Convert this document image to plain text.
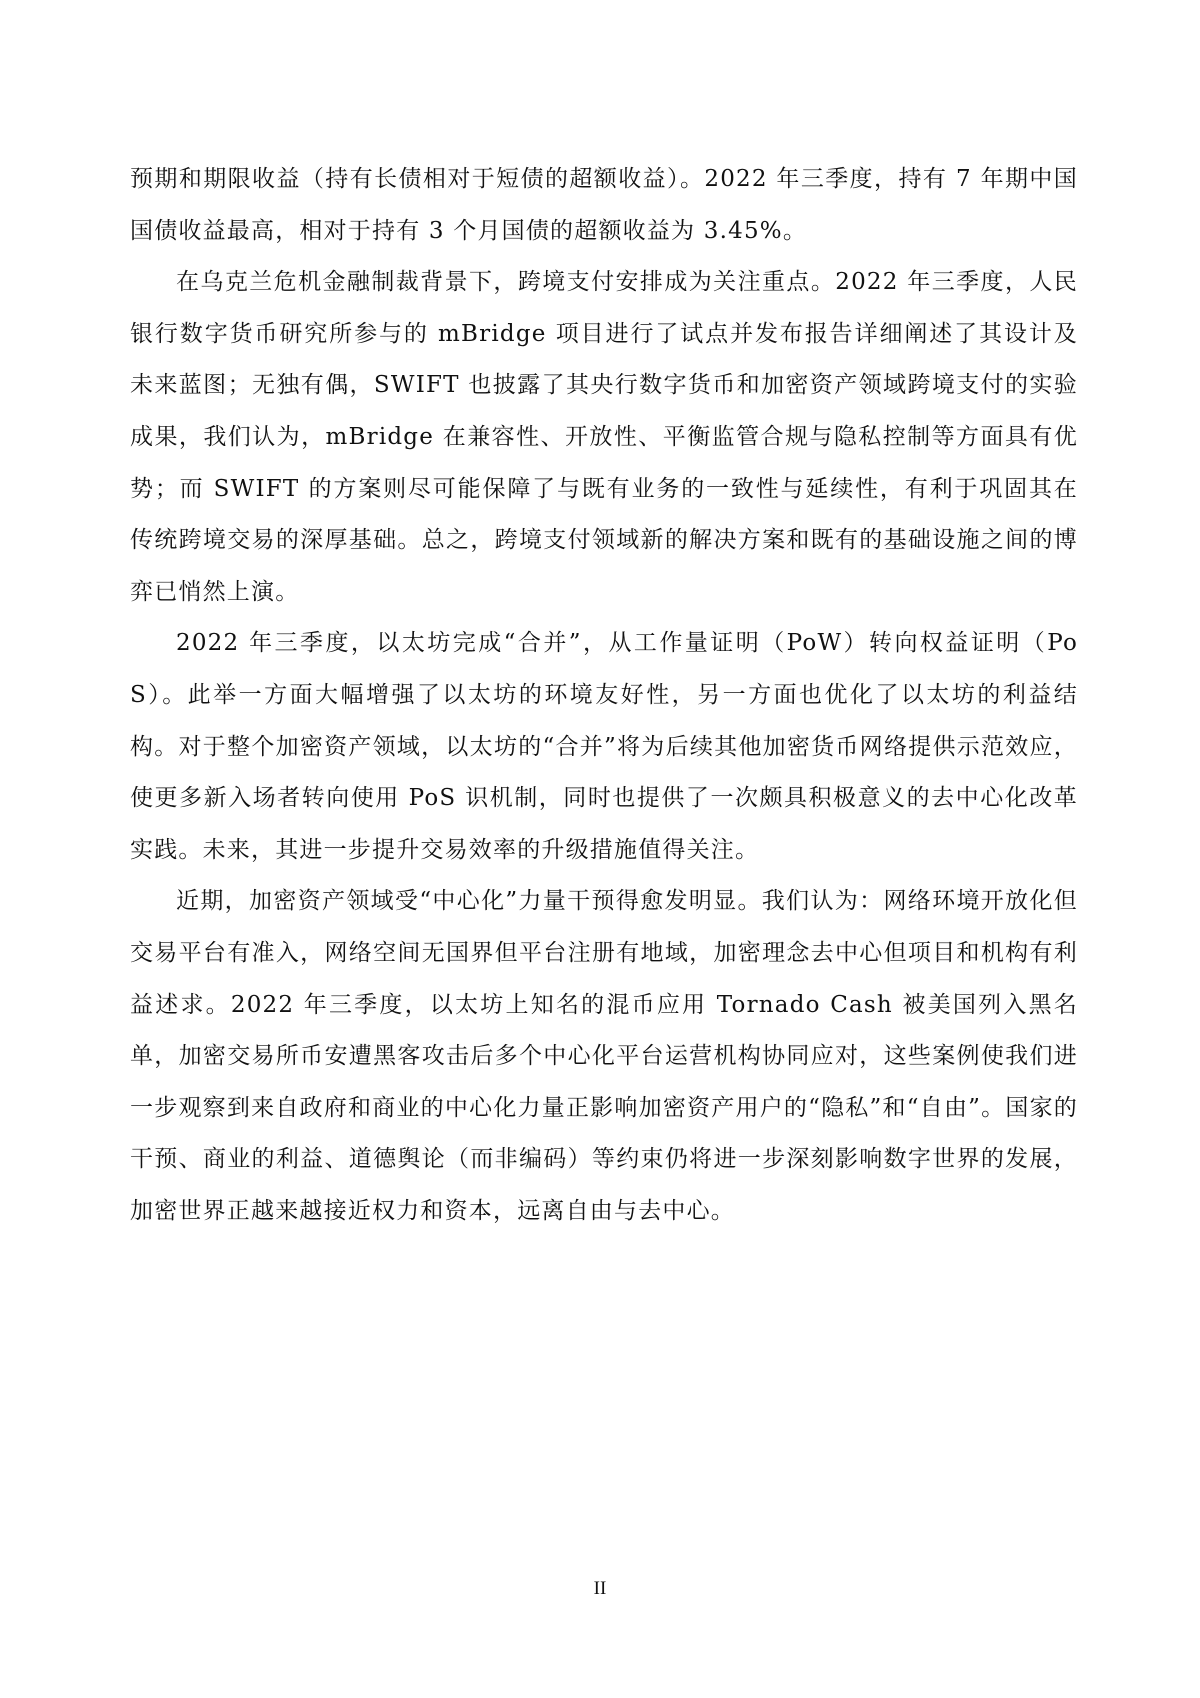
预期和期限收益（持有长债相对于短债的超额收益）。2022 年三季度，持有 7 年期中国国债收益最高，相对于持有 3 个月国债的超额收益为 3.45%。

在乌克兰危机金融制裁背景下，跨境支付安排成为关注重点。2022 年三季度，人民银行数字货币研究所参与的 mBridge 项目进行了试点并发布报告详细阐述了其设计及未来蓝图；无独有偶，SWIFT 也披露了其央行数字货币和加密资产领域跨境支付的实验成果，我们认为，mBridge 在兼容性、开放性、平衡监管合规与隐私控制等方面具有优势；而 SWIFT 的方案则尽可能保障了与既有业务的一致性与延续性，有利于巩固其在传统跨境交易的深厚基础。总之，跨境支付领域新的解决方案和既有的基础设施之间的博弈已悄然上演。

2022 年三季度，以太坊完成“合并”，从工作量证明（PoW）转向权益证明（PoS）。此举一方面大幅增强了以太坊的环境友好性，另一方面也优化了以太坊的利益结构。对于整个加密资产领域，以太坊的“合并”将为后续其他加密货币网络提供示范效应，使更多新入场者转向使用 PoS 识机制，同时也提供了一次颇具积极意义的去中心化改革实践。未来，其进一步提升交易效率的升级措施值得关注。

近期，加密资产领域受“中心化”力量干预得愈发明显。我们认为：网络环境开放化但交易平台有准入，网络空间无国界但平台注册有地域，加密理念去中心但项目和机构有利益述求。2022 年三季度，以太坊上知名的混币应用 Tornado Cash 被美国列入黑名单，加密交易所币安遭黑客攻击后多个中心化平台运营机构协同应对，这些案例使我们进一步观察到来自政府和商业的中心化力量正影响加密资产用户的“隐私”和“自由”。国家的干预、商业的利益、道德舆论（而非编码）等约束仍将进一步深刻影响数字世界的发展，加密世界正越来越接近权力和资本，远离自由与去中心。

II
